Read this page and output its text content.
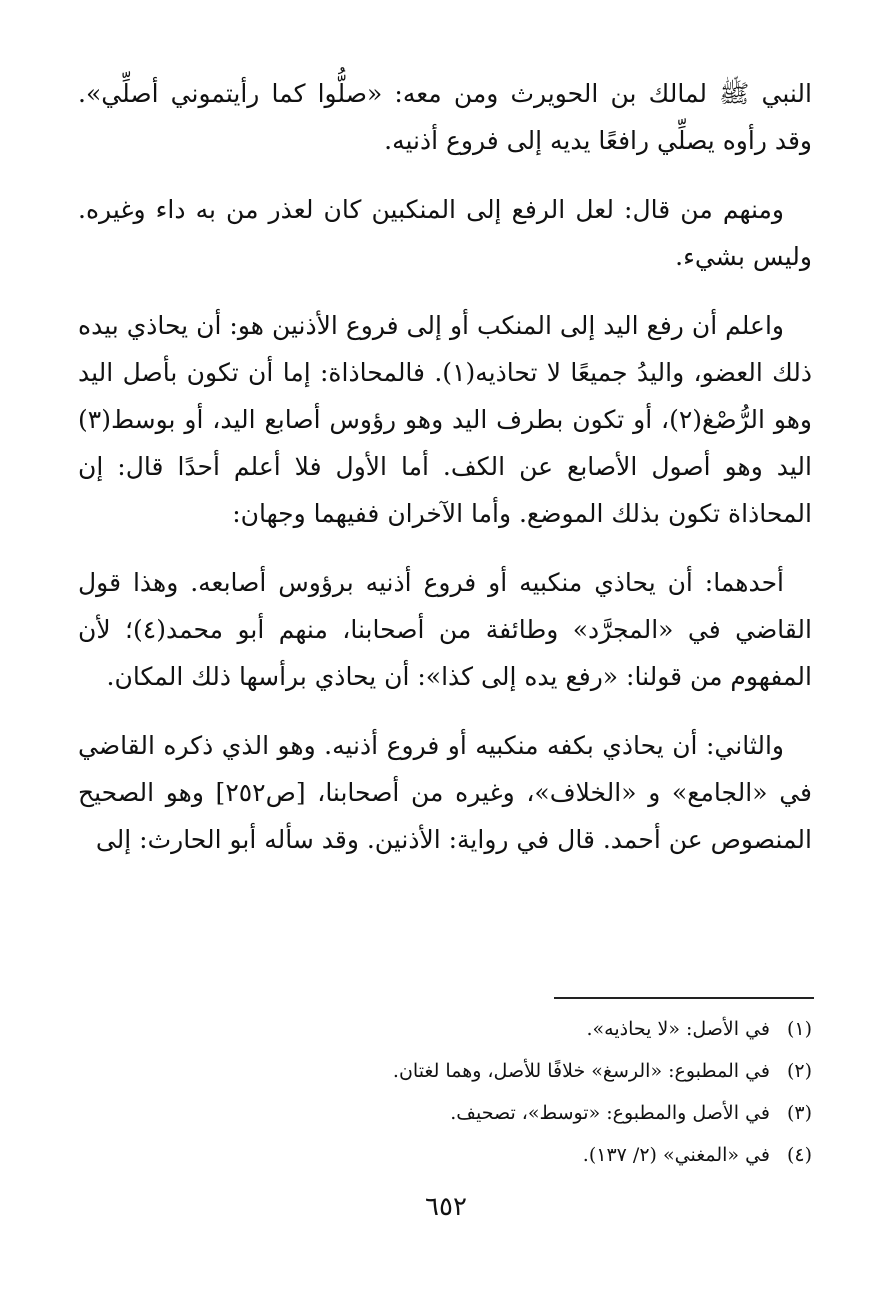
النبي ﷺ لمالك بن الحويرث ومن معه: «صلُّوا كما رأيتموني أصلِّي». وقد رأوه يصلِّي رافعًا يديه إلى فروع أذنيه.

ومنهم من قال: لعل الرفع إلى المنكبين كان لعذر من به داء وغيره. وليس بشيء.

واعلم أن رفع اليد إلى المنكب أو إلى فروع الأذنين هو: أن يحاذي بيده ذلك العضو، واليدُ جميعًا لا تحاذيه(١). فالمحاذاة: إما أن تكون بأصل اليد وهو الرُّصْغ(٢)، أو تكون بطرف اليد وهو رؤوس أصابع اليد، أو بوسط(٣) اليد وهو أصول الأصابع عن الكف. أما الأول فلا أعلم أحدًا قال: إن المحاذاة تكون بذلك الموضع. وأما الآخران ففيهما وجهان:

أحدهما: أن يحاذي منكبيه أو فروع أذنيه برؤوس أصابعه. وهذا قول القاضي في «المجرَّد» وطائفة من أصحابنا، منهم أبو محمد(٤)؛ لأن المفهوم من قولنا: «رفع يده إلى كذا»: أن يحاذي برأسها ذلك المكان.

والثاني: أن يحاذي بكفه منكبيه أو فروع أذنيه. وهو الذي ذكره القاضي في «الجامع» و «الخلاف»، وغيره من أصحابنا، [ص٢٥٢] وهو الصحيح المنصوص عن أحمد. قال في رواية: الأذنين. وقد سأله أبو الحارث: إلى

(١)
في الأصل: «لا يحاذيه».
(٢)
في المطبوع: «الرسغ» خلافًا للأصل، وهما لغتان.
(٣)
في الأصل والمطبوع: «توسط»، تصحيف.
(٤)
في «المغني» (٢/ ١٣٧).
٦٥٢
